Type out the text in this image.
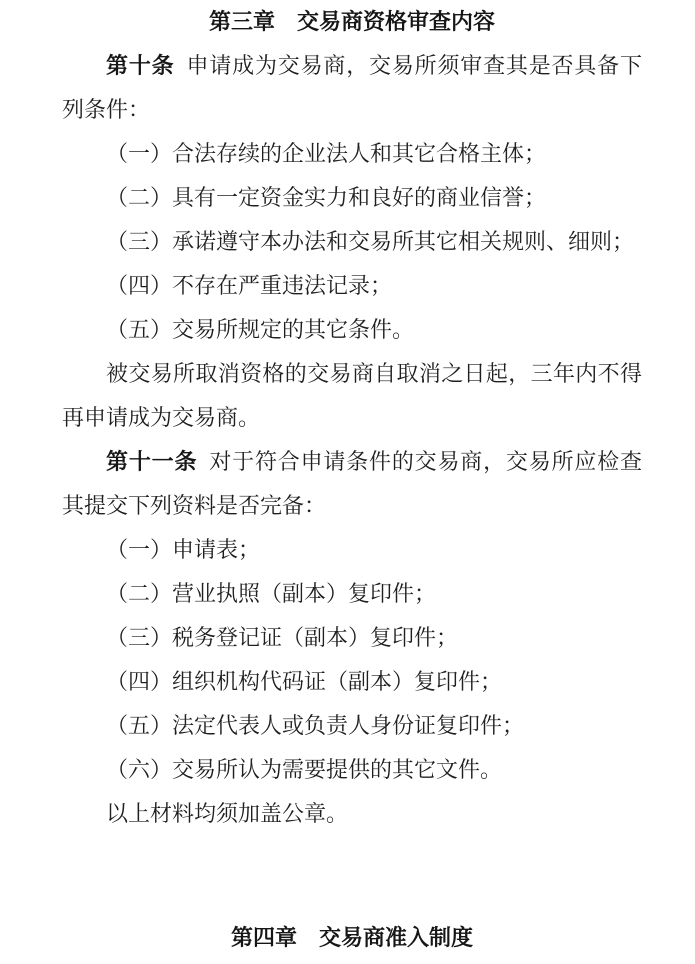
第三章　交易商资格审查内容

第十条 申请成为交易商，交易所须审查其是否具备下列条件：

（一）合法存续的企业法人和其它合格主体；

（二）具有一定资金实力和良好的商业信誉；

（三）承诺遵守本办法和交易所其它相关规则、细则；

（四）不存在严重违法记录；

（五）交易所规定的其它条件。

被交易所取消资格的交易商自取消之日起，三年内不得再申请成为交易商。

第十一条 对于符合申请条件的交易商，交易所应检查其提交下列资料是否完备：

（一）申请表；

（二）营业执照（副本）复印件；

（三）税务登记证（副本）复印件；

（四）组织机构代码证（副本）复印件；

（五）法定代表人或负责人身份证复印件；

（六）交易所认为需要提供的其它文件。

以上材料均须加盖公章。

第四章　交易商准入制度
